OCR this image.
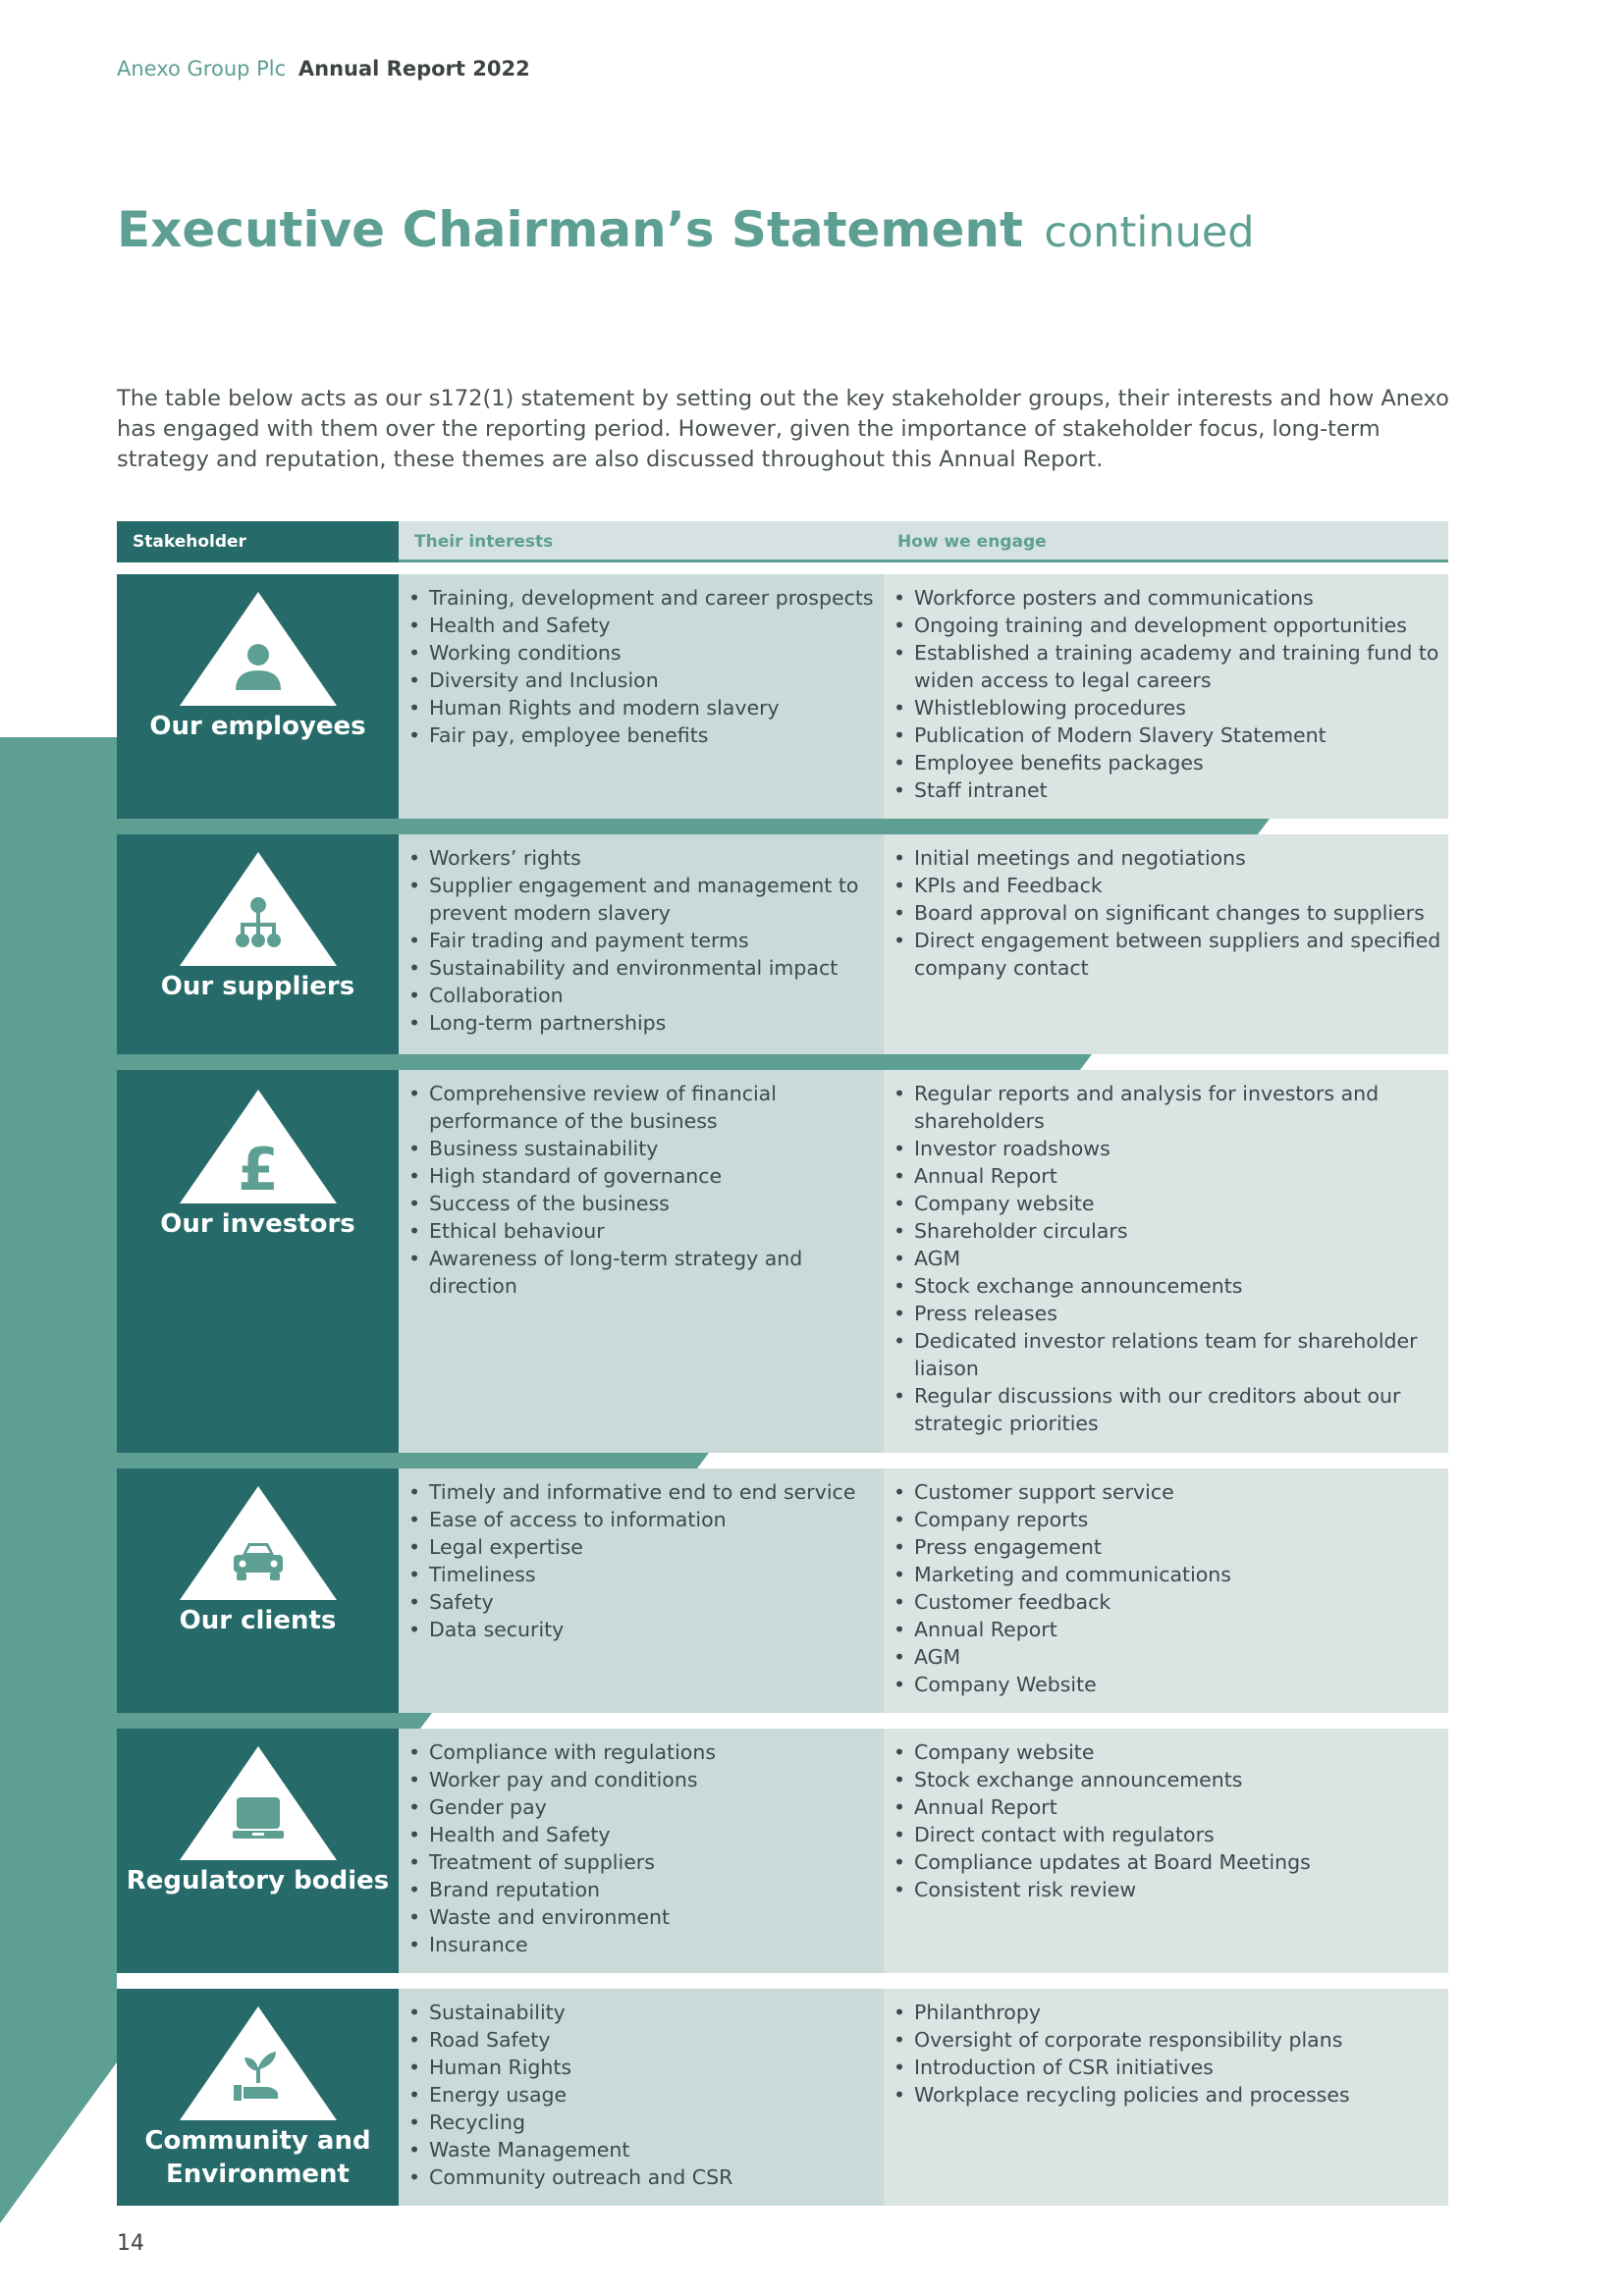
Anexo Group Plc Annual Report 2022
Executive Chairman’s Statement continued

The table below acts as our s172(1) statement by setting out the key stakeholder groups, their interests and how Anexo has engaged with them over the reporting period. However, given the importance of stakeholder focus, long-term strategy and reputation, these themes are also discussed throughout this Annual Report.

Stakeholder	Their interests	How we engage
Our employees
• Training, development and career prospects
• Health and Safety
• Working conditions
• Diversity and Inclusion
• Human Rights and modern slavery
• Fair pay, employee benefits
• Workforce posters and communications
• Ongoing training and development opportunities
• Established a training academy and training fund to widen access to legal careers
• Whistleblowing procedures
• Publication of Modern Slavery Statement
• Employee benefits packages
• Staff intranet
Our suppliers
• Workers’ rights
• Supplier engagement and management to prevent modern slavery
• Fair trading and payment terms
• Sustainability and environmental impact
• Collaboration
• Long-term partnerships
• Initial meetings and negotiations
• KPIs and Feedback
• Board approval on significant changes to suppliers
• Direct engagement between suppliers and specified company contact
£
Our investors
• Comprehensive review of financial performance of the business
• Business sustainability
• High standard of governance
• Success of the business
• Ethical behaviour
• Awareness of long-term strategy and direction
• Regular reports and analysis for investors and shareholders
• Investor roadshows
• Annual Report
• Company website
• Shareholder circulars
• AGM
• Stock exchange announcements
• Press releases
• Dedicated investor relations team for shareholder liaison
• Regular discussions with our creditors about our strategic priorities
Our clients
• Timely and informative end to end service
• Ease of access to information
• Legal expertise
• Timeliness
• Safety
• Data security
• Customer support service
• Company reports
• Press engagement
• Marketing and communications
• Customer feedback
• Annual Report
• AGM
• Company Website
Regulatory bodies
• Compliance with regulations
• Worker pay and conditions
• Gender pay
• Health and Safety
• Treatment of suppliers
• Brand reputation
• Waste and environment
• Insurance
• Company website
• Stock exchange announcements
• Annual Report
• Direct contact with regulators
• Compliance updates at Board Meetings
• Consistent risk review
Community and Environment
• Sustainability
• Road Safety
• Human Rights
• Energy usage
• Recycling
• Waste Management
• Community outreach and CSR
• Philanthropy
• Oversight of corporate responsibility plans
• Introduction of CSR initiatives
• Workplace recycling policies and processes
14
